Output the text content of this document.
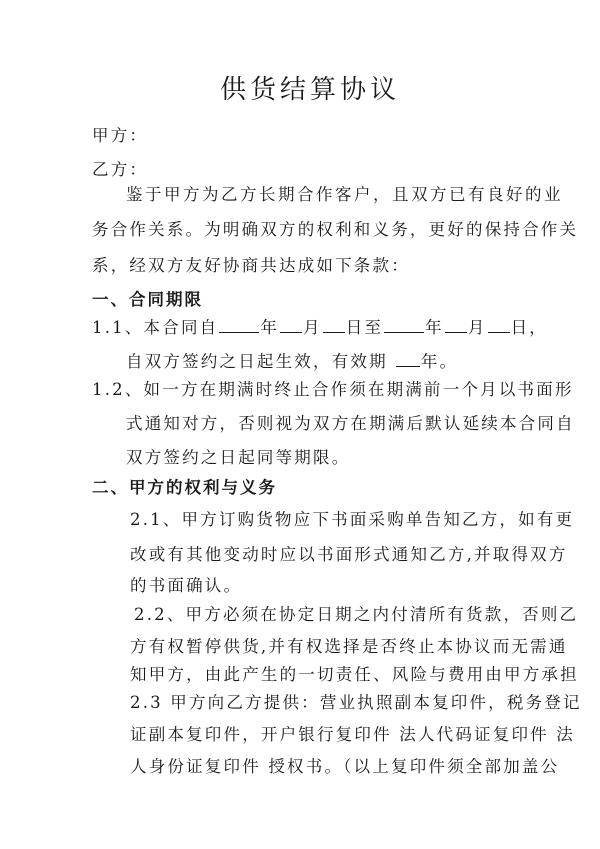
供货结算协议
甲方：
乙方：
鉴于甲方为乙方长期合作客户，且双方已有良好的业
务合作关系。为明确双方的权利和义务，更好的保持合作关
系，经双方友好协商共达成如下条款：
一、合同期限
1.1、本合同自	年 月 日至	年 月 日，
自双方签约之日起生效，有效期 年。
1.2、如一方在期满时终止合作须在期满前一个月以书面形
式通知对方，否则视为双方在期满后默认延续本合同自
双方签约之日起同等期限。
二、甲方的权利与义务
2.1、甲方订购货物应下书面采购单告知乙方，如有更
改或有其他变动时应以书面形式通知乙方,并取得双方
的书面确认。
2.2、甲方必须在协定日期之内付清所有货款，否则乙
方有权暂停供货,并有权选择是否终止本协议而无需通
知甲方，由此产生的一切责任、风险与费用由甲方承担
2.3 甲方向乙方提供：营业执照副本复印件，税务登记
证副本复印件，开户银行复印件 法人代码证复印件 法
人身份证复印件 授权书。（以上复印件须全部加盖公
